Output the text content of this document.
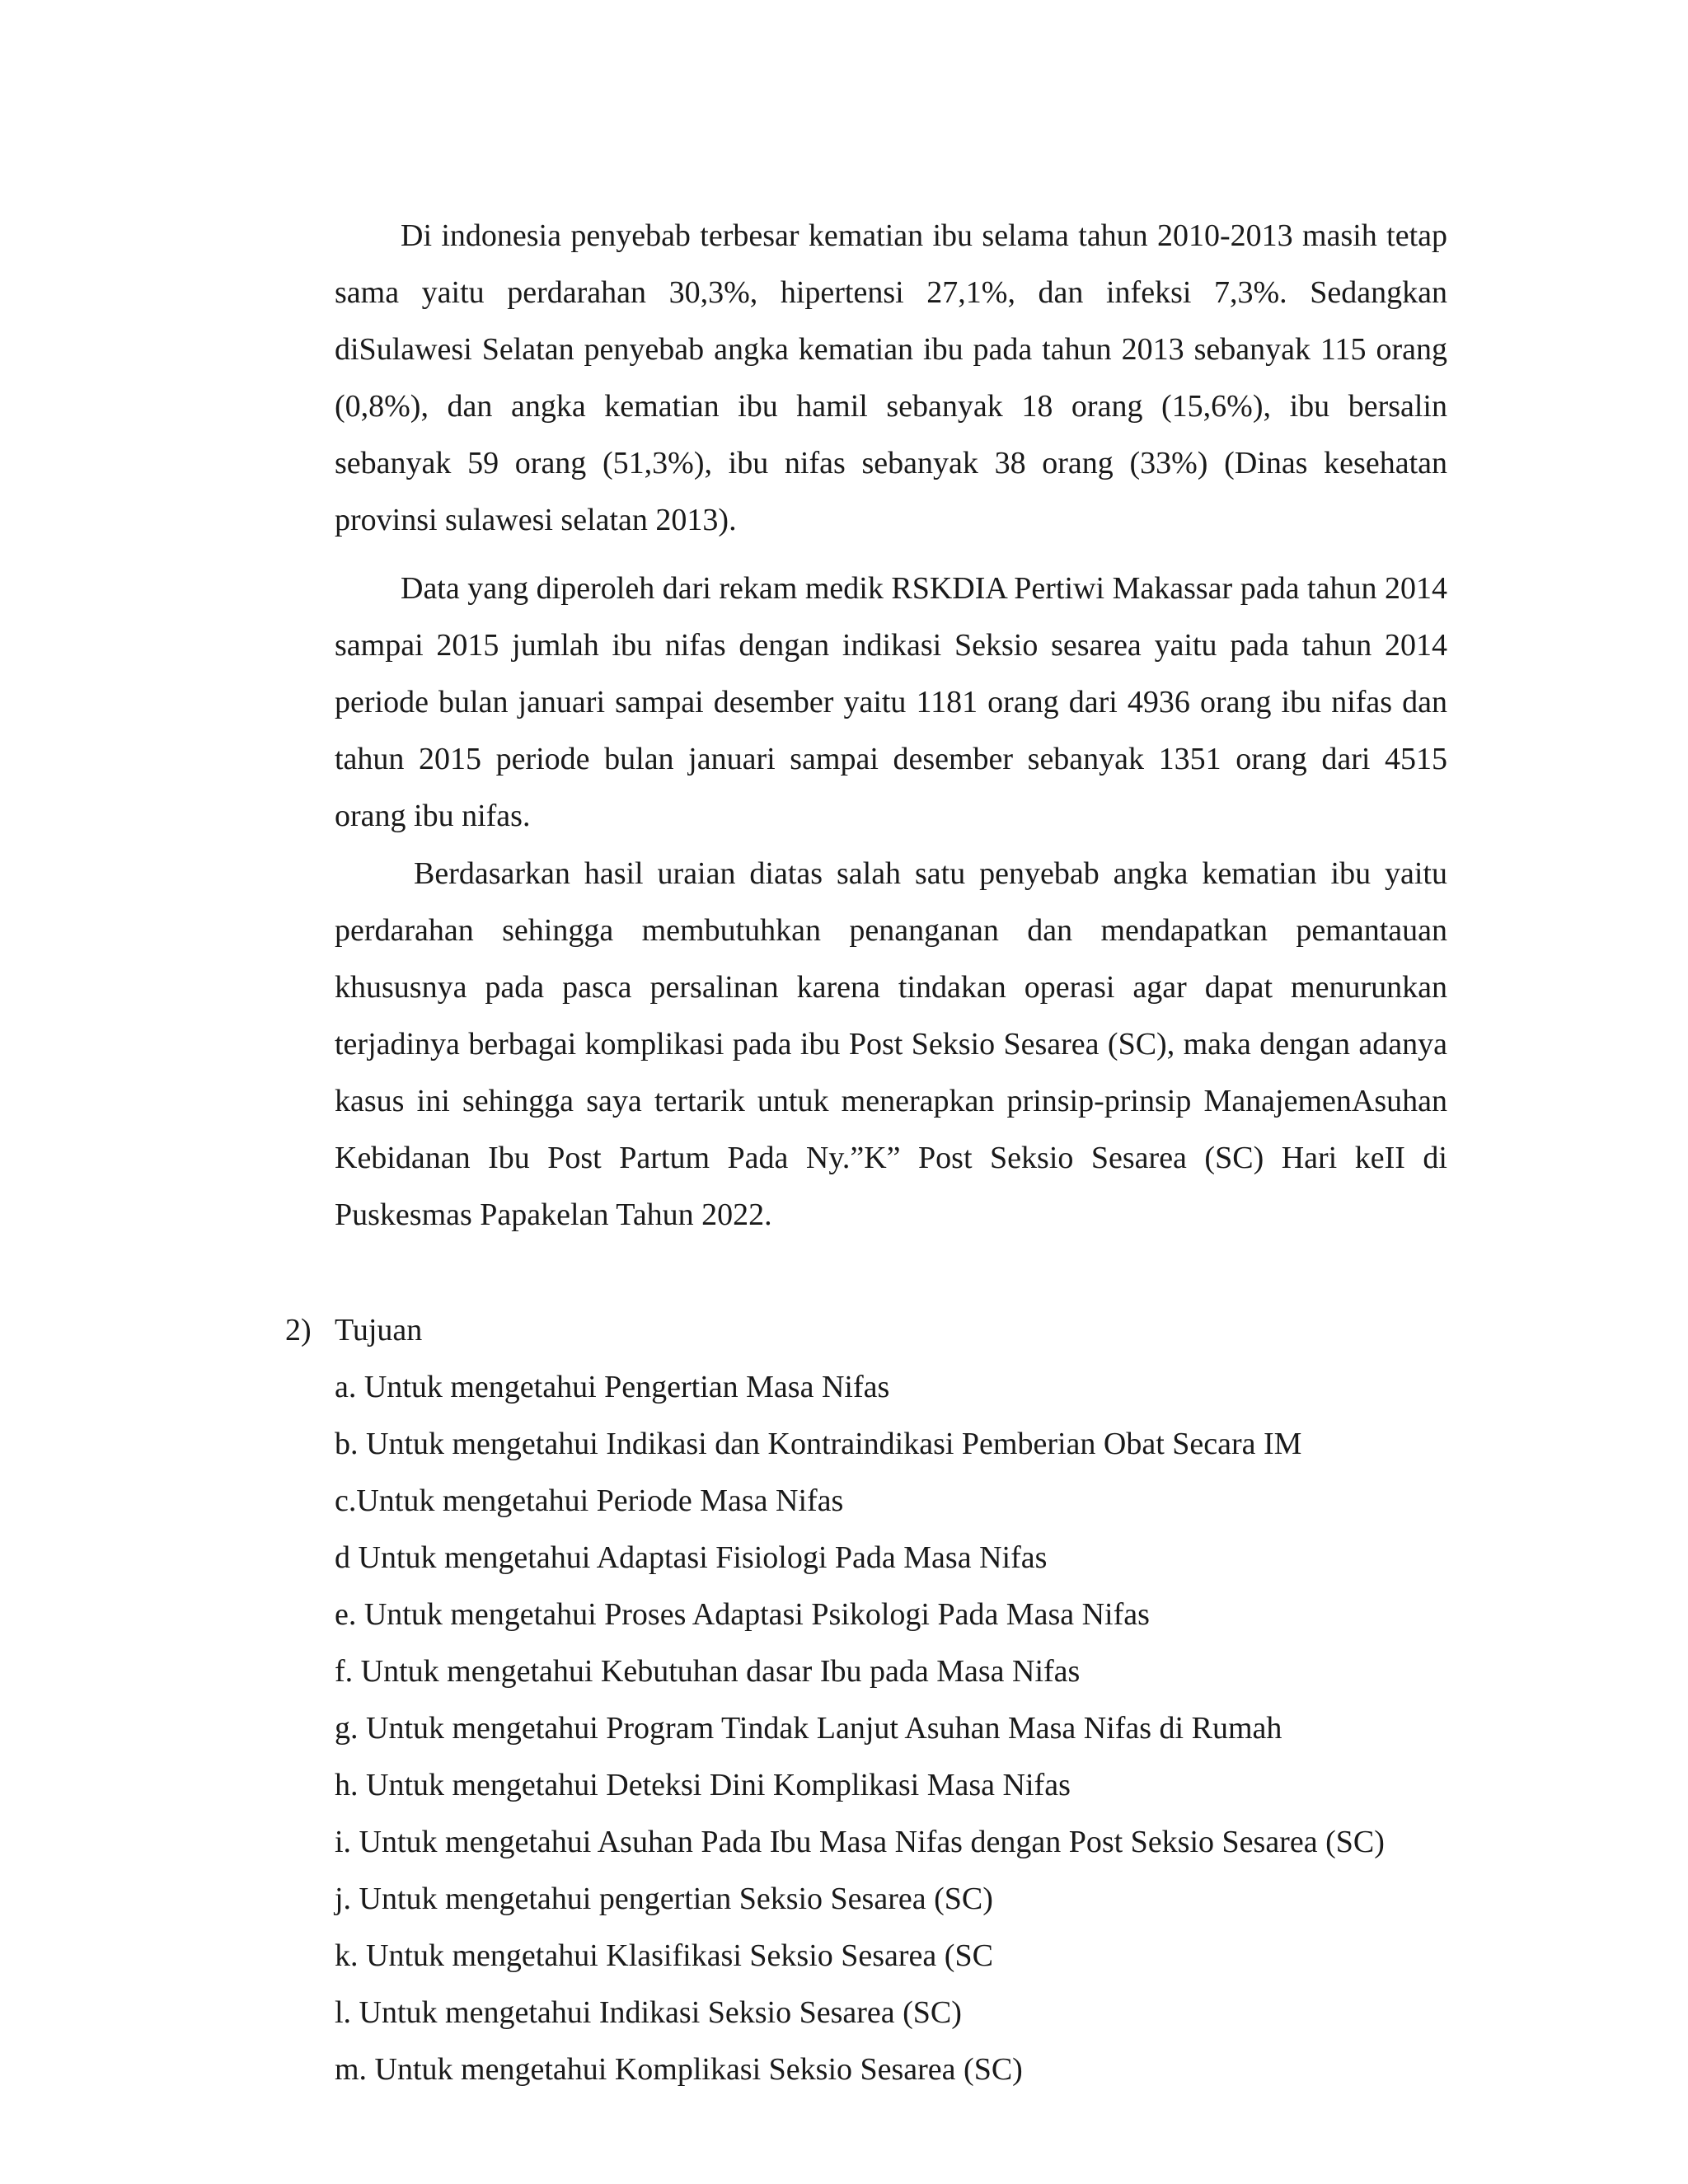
Di indonesia penyebab terbesar kematian ibu selama tahun 2010-2013 masih tetap sama yaitu perdarahan 30,3%, hipertensi 27,1%, dan infeksi 7,3%. Sedangkan diSulawesi Selatan penyebab angka kematian ibu pada tahun 2013 sebanyak 115 orang (0,8%), dan angka kematian ibu hamil sebanyak 18 orang (15,6%), ibu bersalin sebanyak 59 orang (51,3%), ibu nifas sebanyak 38 orang (33%) (Dinas kesehatan provinsi sulawesi selatan 2013).

Data yang diperoleh dari rekam medik RSKDIA Pertiwi Makassar pada tahun 2014 sampai 2015 jumlah ibu nifas dengan indikasi Seksio sesarea yaitu pada tahun 2014 periode bulan januari sampai desember yaitu 1181 orang dari 4936 orang ibu nifas dan tahun 2015 periode bulan januari sampai desember sebanyak 1351 orang dari 4515 orang ibu nifas.

Berdasarkan hasil uraian diatas salah satu penyebab angka kematian ibu yaitu perdarahan sehingga membutuhkan penanganan dan mendapatkan pemantauan khususnya pada pasca persalinan karena tindakan operasi agar dapat menurunkan terjadinya berbagai komplikasi pada ibu Post Seksio Sesarea (SC), maka dengan adanya kasus ini sehingga saya tertarik untuk menerapkan prinsip-prinsip ManajemenAsuhan Kebidanan Ibu Post Partum Pada Ny.”K” Post Seksio Sesarea (SC) Hari keII di Puskesmas Papakelan Tahun 2022.

2) Tujuan
a. Untuk mengetahui Pengertian Masa Nifas
b. Untuk mengetahui Indikasi dan Kontraindikasi Pemberian Obat Secara IM
c.Untuk mengetahui Periode Masa Nifas
d Untuk mengetahui Adaptasi Fisiologi Pada Masa Nifas
e. Untuk mengetahui Proses Adaptasi Psikologi Pada Masa Nifas
f. Untuk mengetahui Kebutuhan dasar Ibu pada Masa Nifas
g. Untuk mengetahui Program Tindak Lanjut Asuhan Masa Nifas di Rumah
h. Untuk mengetahui Deteksi Dini Komplikasi Masa Nifas
i. Untuk mengetahui Asuhan Pada Ibu Masa Nifas dengan Post Seksio Sesarea (SC)
j. Untuk mengetahui pengertian Seksio Sesarea (SC)
k. Untuk mengetahui Klasifikasi Seksio Sesarea (SC
l. Untuk mengetahui Indikasi Seksio Sesarea (SC)
m. Untuk mengetahui Komplikasi Seksio Sesarea (SC)
